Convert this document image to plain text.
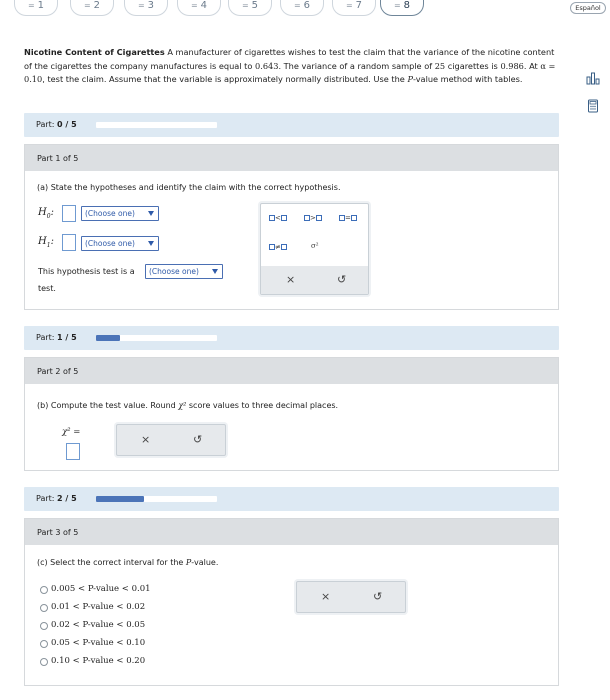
= 1	= 2	= 3	= 4	= 5	= 6	= 7	= 8	Español
Nicotine Content of Cigarettes A manufacturer of cigarettes wishes to test the claim that the variance of the nicotine content of the cigarettes the company manufactures is equal to 0.643. The variance of a random sample of 25 cigarettes is 0.986. At α = 0.10, test the claim. Assume that the variable is approximately normally distributed. Use the P-value method with tables.
Part: 0 / 5
Part 1 of 5
(a) State the hypotheses and identify the claim with the correct hypothesis.
$H_0$:	(Choose one)
$H_1$:	(Choose one)
This hypothesis test is a	(Choose one)
test.
<	>	=
≠	σ²
×	↺
Part: 1 / 5
Part 2 of 5
(b) Compute the test value. Round χ² score values to three decimal places.
χ² =
×	↺
Part: 2 / 5
Part 3 of 5
(c) Select the correct interval for the P-value.
0.005 < P-value < 0.01
0.01 < P-value < 0.02
0.02 < P-value < 0.05
0.05 < P-value < 0.10
0.10 < P-value < 0.20
×	↺
